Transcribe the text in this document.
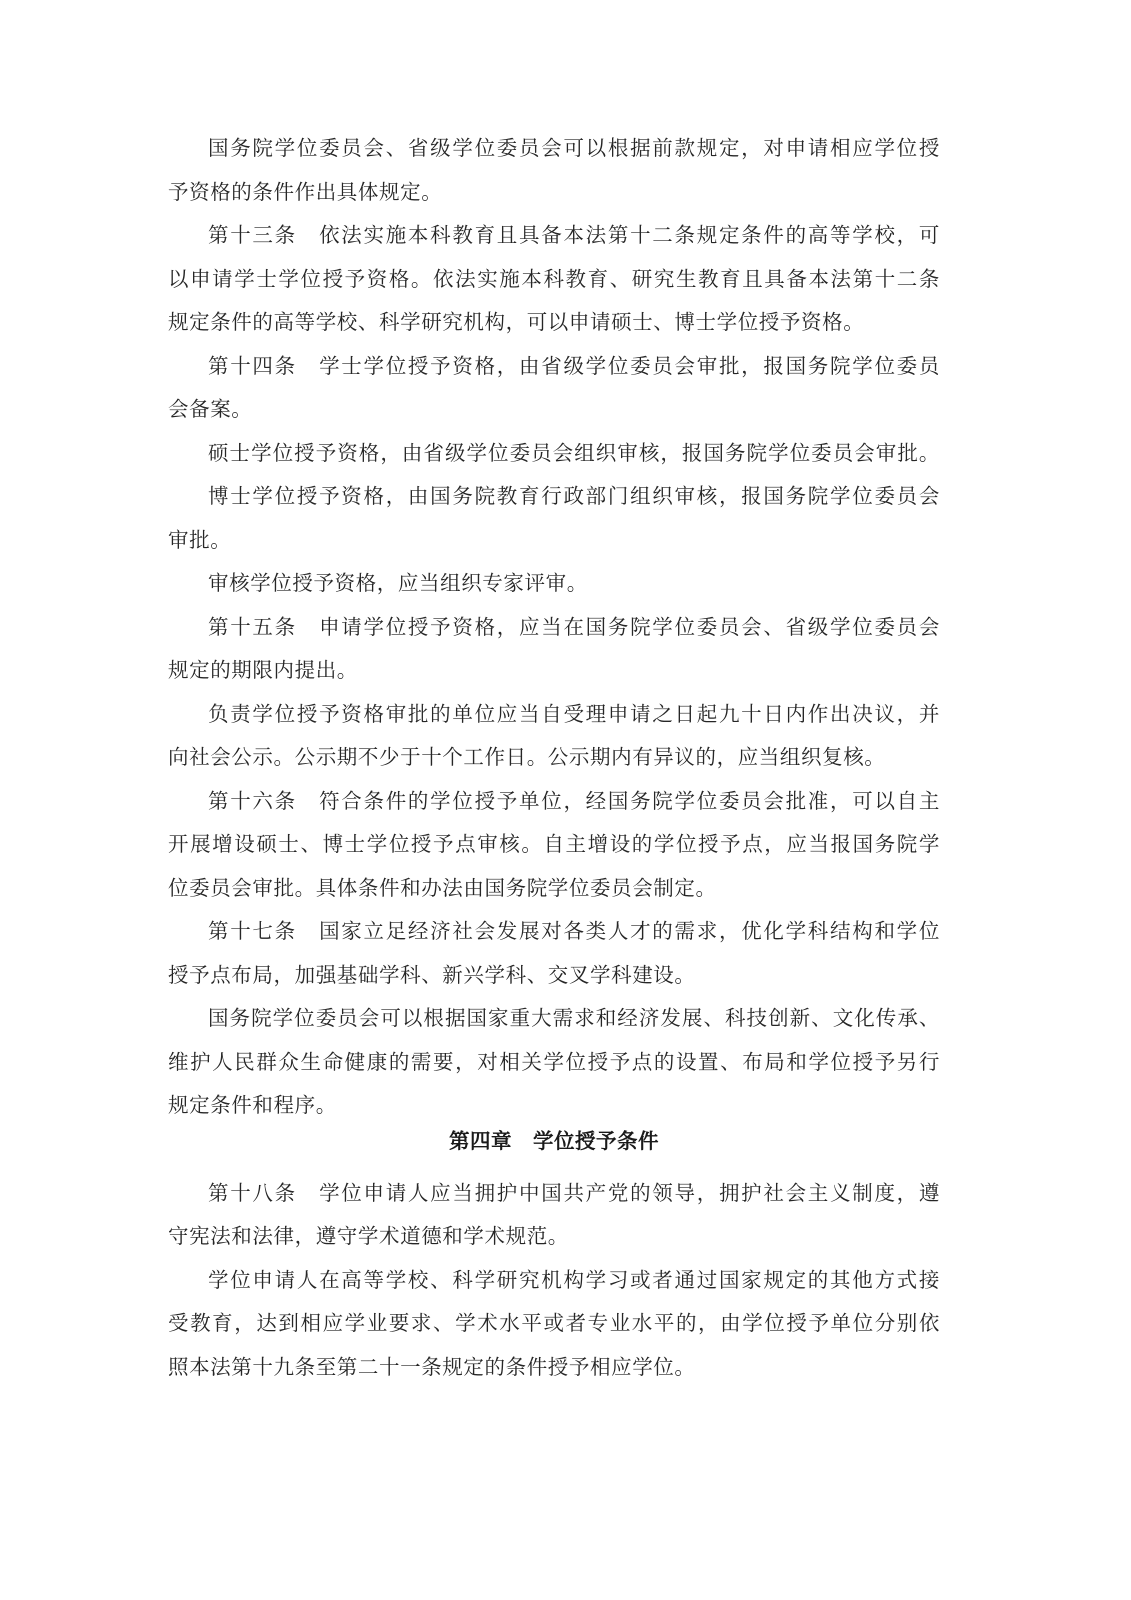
国务院学位委员会、省级学位委员会可以根据前款规定，对申请相应学位授
予资格的条件作出具体规定。
第十三条　依法实施本科教育且具备本法第十二条规定条件的高等学校，可
以申请学士学位授予资格。依法实施本科教育、研究生教育且具备本法第十二条
规定条件的高等学校、科学研究机构，可以申请硕士、博士学位授予资格。
第十四条　学士学位授予资格，由省级学位委员会审批，报国务院学位委员
会备案。
硕士学位授予资格，由省级学位委员会组织审核，报国务院学位委员会审批。
博士学位授予资格，由国务院教育行政部门组织审核，报国务院学位委员会
审批。
审核学位授予资格，应当组织专家评审。
第十五条　申请学位授予资格，应当在国务院学位委员会、省级学位委员会
规定的期限内提出。
负责学位授予资格审批的单位应当自受理申请之日起九十日内作出决议，并
向社会公示。公示期不少于十个工作日。公示期内有异议的，应当组织复核。
第十六条　符合条件的学位授予单位，经国务院学位委员会批准，可以自主
开展增设硕士、博士学位授予点审核。自主增设的学位授予点，应当报国务院学
位委员会审批。具体条件和办法由国务院学位委员会制定。
第十七条　国家立足经济社会发展对各类人才的需求，优化学科结构和学位
授予点布局，加强基础学科、新兴学科、交叉学科建设。
国务院学位委员会可以根据国家重大需求和经济发展、科技创新、文化传承、
维护人民群众生命健康的需要，对相关学位授予点的设置、布局和学位授予另行
规定条件和程序。
第四章　学位授予条件
第十八条　学位申请人应当拥护中国共产党的领导，拥护社会主义制度，遵
守宪法和法律，遵守学术道德和学术规范。
学位申请人在高等学校、科学研究机构学习或者通过国家规定的其他方式接
受教育，达到相应学业要求、学术水平或者专业水平的，由学位授予单位分别依
照本法第十九条至第二十一条规定的条件授予相应学位。
